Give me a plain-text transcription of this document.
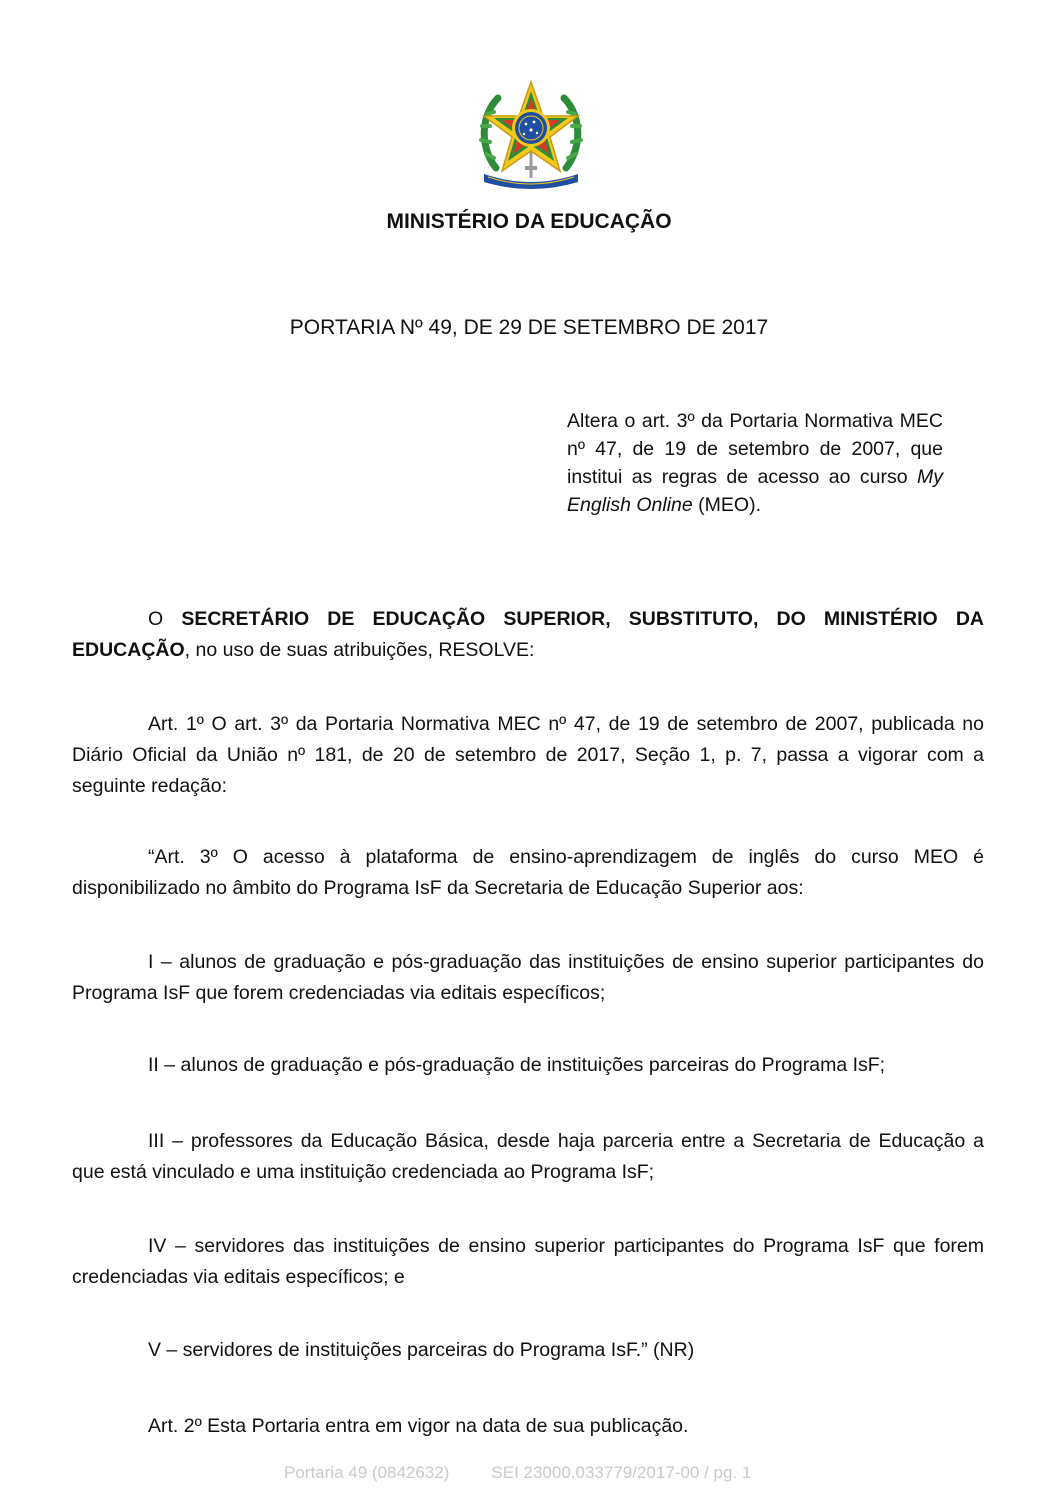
MINISTÉRIO DA EDUCAÇÃO
PORTARIA Nº 49, DE 29 DE SETEMBRO DE 2017
Altera o art. 3º da Portaria Normativa MEC nº 47, de 19 de setembro de 2007, que institui as regras de acesso ao curso My English Online (MEO).

O SECRETÁRIO DE EDUCAÇÃO SUPERIOR, SUBSTITUTO, DO MINISTÉRIO DA EDUCAÇÃO, no uso de suas atribuições, RESOLVE:

Art. 1º O art. 3º da Portaria Normativa MEC nº 47, de 19 de setembro de 2007, publicada no Diário Oficial da União nº 181, de 20 de setembro de 2017, Seção 1, p. 7, passa a vigorar com a seguinte redação:

“Art. 3º O acesso à plataforma de ensino-aprendizagem de inglês do curso MEO é disponibilizado no âmbito do Programa IsF da Secretaria de Educação Superior aos:

I – alunos de graduação e pós-graduação das instituições de ensino superior participantes do Programa IsF que forem credenciadas via editais específicos;

II – alunos de graduação e pós-graduação de instituições parceiras do Programa IsF;

III – professores da Educação Básica, desde haja parceria entre a Secretaria de Educação a que está vinculado e uma instituição credenciada ao Programa IsF;

IV – servidores das instituições de ensino superior participantes do Programa IsF que forem credenciadas via editais específicos; e

V – servidores de instituições parceiras do Programa IsF.” (NR)

Art. 2º Esta Portaria entra em vigor na data de sua publicação.

Portaria 49 (0842632) SEI 23000.033779/2017-00 / pg. 1
